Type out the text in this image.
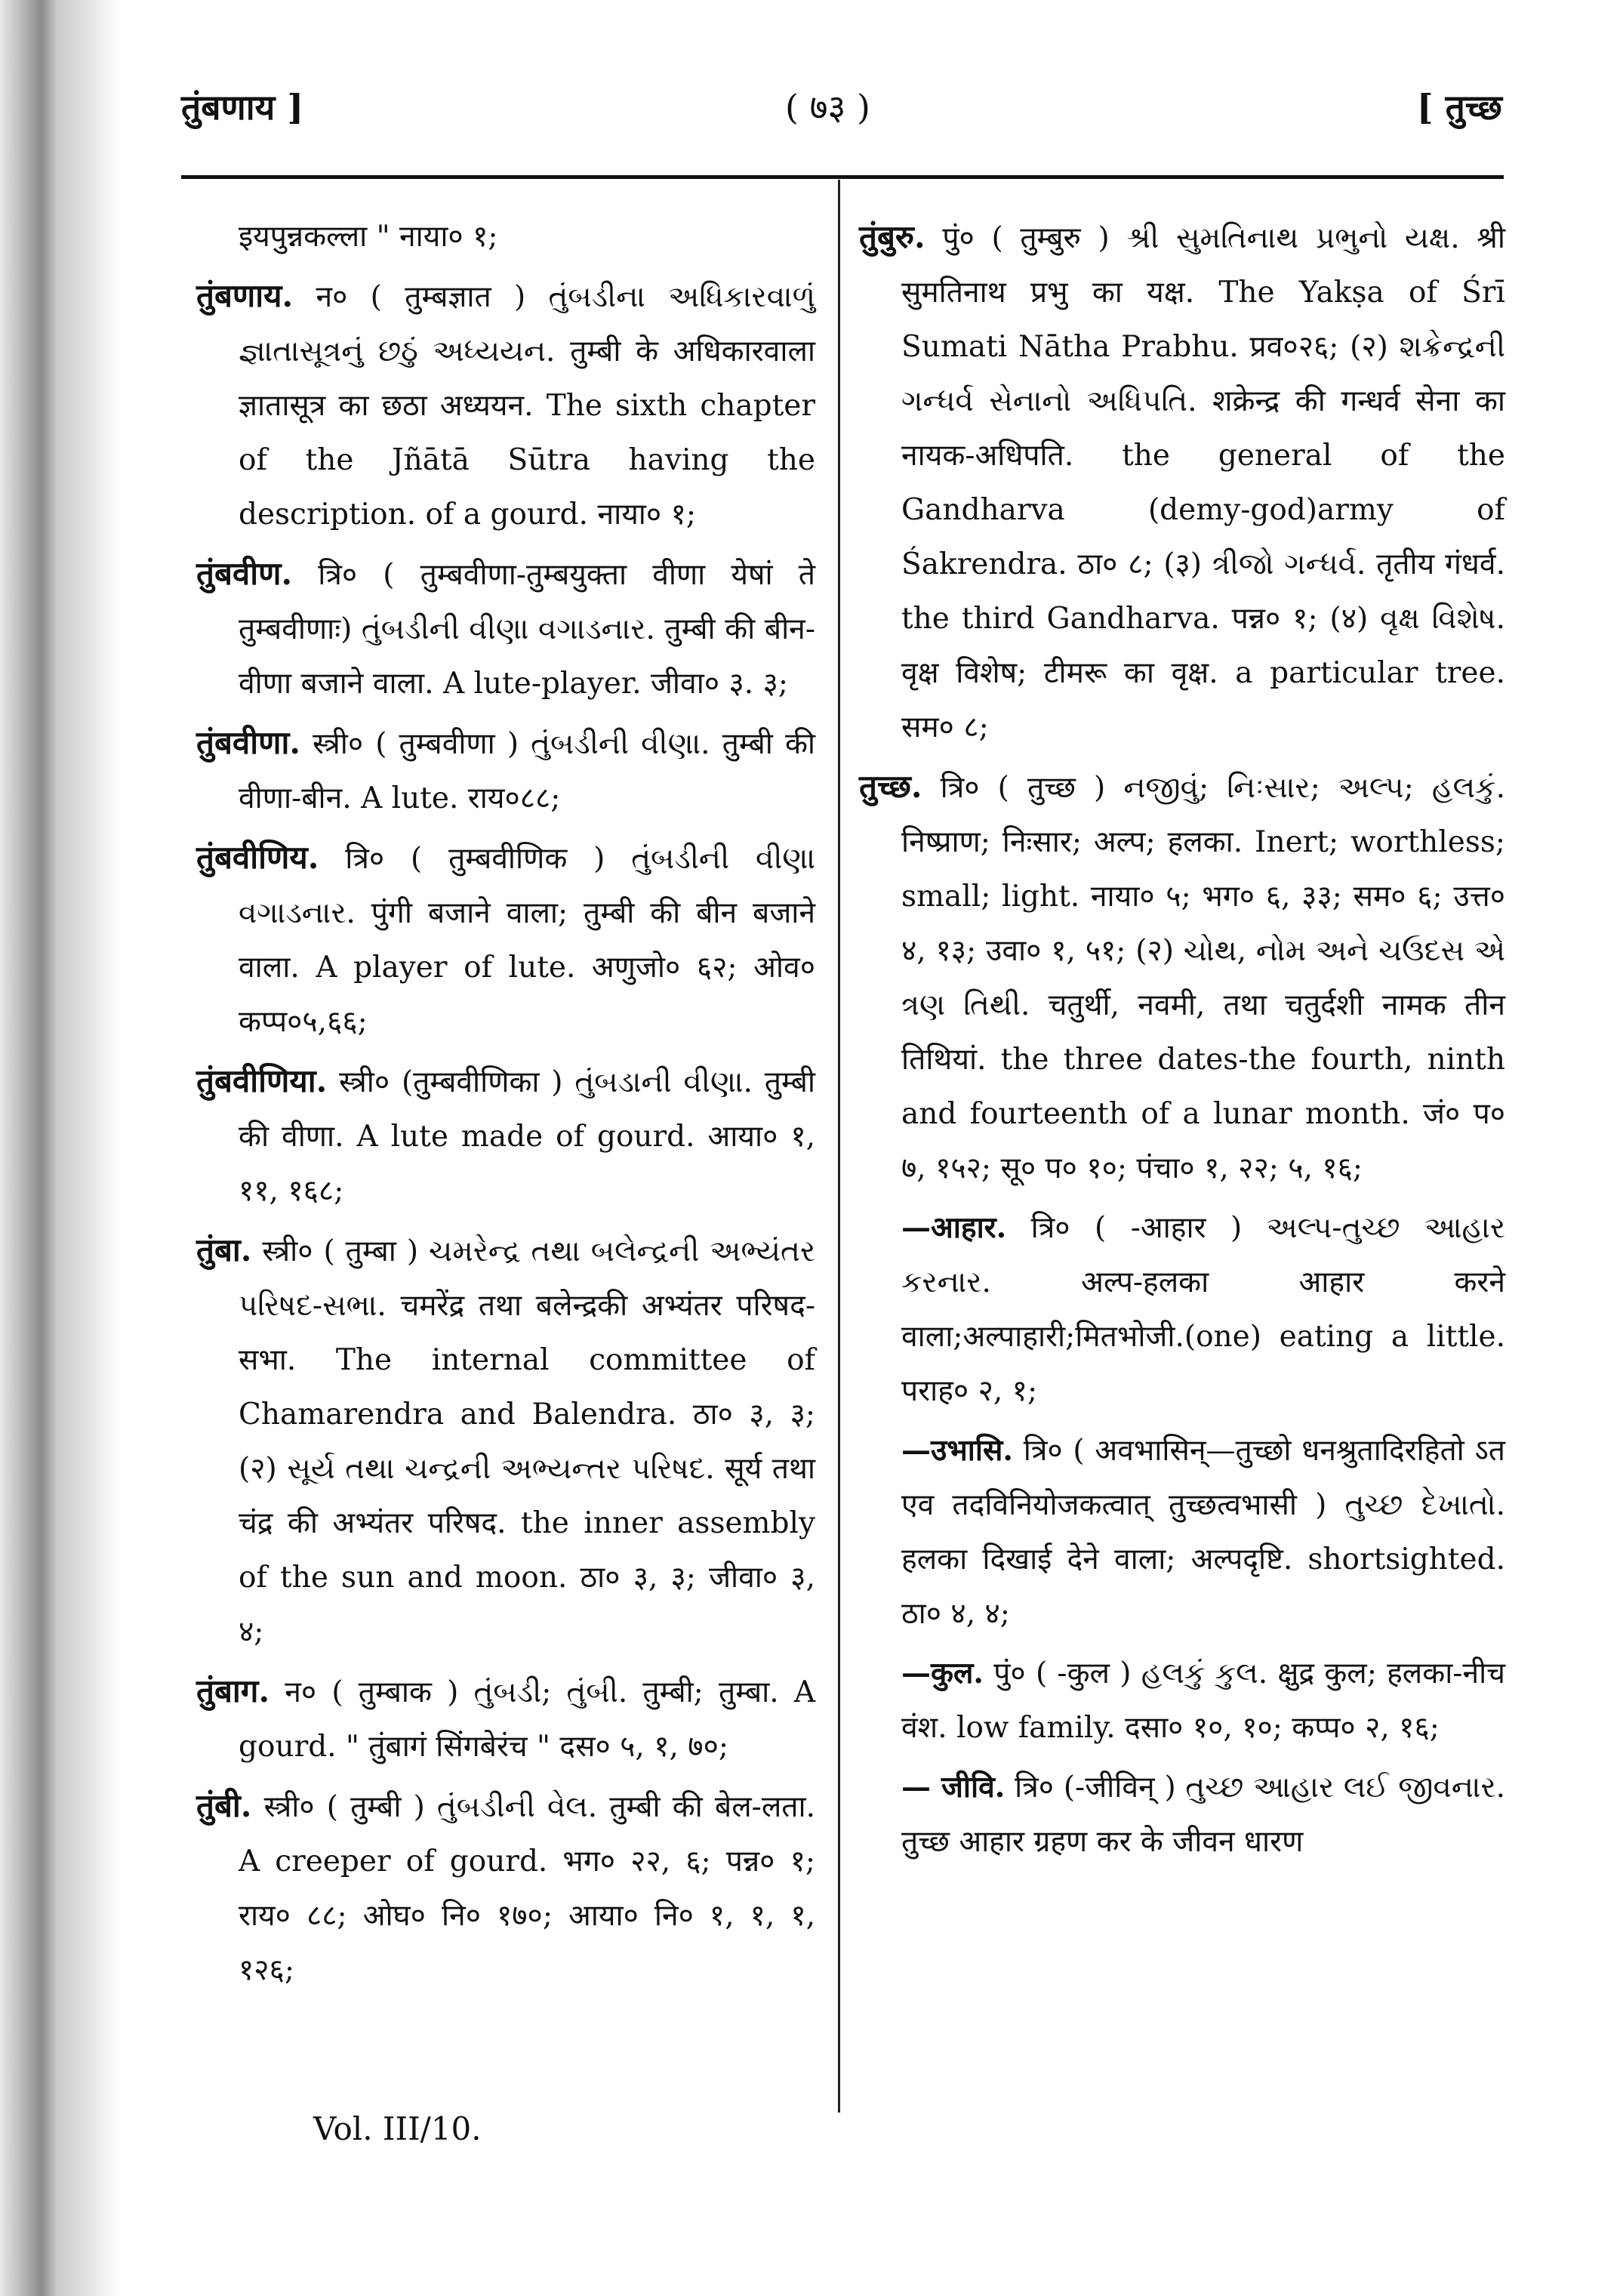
तुंबणाय ]	( ७३ )	[ तुच्छ

इयपुन्नकल्ला " नाया० १;

तुंबणाय. न० ( तुम्बज्ञात ) તુંબડીના અધિકારવાળું જ્ઞાતાસૂત્રનું છઠું અધ્યયન. तुम्बी के अधिकारवाला ज्ञातासूत्र का छठा अध्ययन. The sixth chapter of the Jñātā Sūtra having the description. of a gourd. नाया० १;

तुंबवीण. त्रि० ( तुम्बवीणा-तुम्बयुक्ता वीणा येषां ते तुम्बवीणाः) તુંબડીની વીણા વગાડનાર. तुम्बी की बीन-वीणा बजाने वाला. A lute-player. जीवा० ३. ३;

तुंबवीणा. स्त्री० ( तुम्बवीणा ) તુંબડીની વીણા. तुम्बी की वीणा-बीन. A lute. राय०८८;

तुंबवीणिय. त्रि० ( तुम्बवीणिक ) તુંબડીની વીણા વગાડનાર. पुंगी बजाने वाला; तुम्बी की बीन बजाने वाला. A player of lute. अणुजो० ६२; ओव० कप्प०५,६६;

तुंबवीणिया. स्त्री० (तुम्बवीणिका ) તુંબડાની વીણા. तुम्बी की वीणा. A lute made of gourd. आया० १, ११, १६८;

तुंबा. स्त्री० ( तुम्बा ) ચમરેન્દ્ર તથા બલેન્દ્રની અભ્યંતર પરિષદ-સભા. चमरेंद्र तथा बलेन्द्रकी अभ्यंतर परिषद-सभा. The internal committee of Chamarendra and Balendra. ठा० ३, ३; (२) સૂર્ય તથા ચન્દ્રની અભ્યન્તર પરિષદ. सूर्य तथा चंद्र की अभ्यंतर परिषद. the inner assembly of the sun and moon. ठा० ३, ३; जीवा० ३, ४;

तुंबाग. न० ( तुम्बाक ) તુંબડી; તુંબી. तुम्बी; तुम्बा. A gourd. " तुंबागं सिंगबेरंच " दस० ५, १, ७०;

तुंबी. स्त्री० ( तुम्बी ) તુંબડીની વેલ. तुम्बी की बेल-लता. A creeper of gourd. भग० २२, ६; पन्न० १; राय० ८८; ओघ० नि० १७०; आया० नि० १, १, १, १२६;

तुंबुरु. पुं० ( तुम्बुरु ) શ્રી સુમતિનાથ પ્રભુનો યક્ષ. श्री सुमतिनाथ प्रभु का यक्ष. The Yakṣa of Śrī Sumati Nātha Prabhu. प्रव०२६; (२) શક્રેન્દ્રની ગન્ધર્વ સેનાનો અધિપતિ. शक्रेन्द्र की गन्धर्व सेना का नायक-अधिपति. the general of the Gandharva (demy-god)army of Śakrendra. ठा० ८; (३) ત્રીજો ગન્ધર્વ. तृतीय गंधर्व. the third Gandharva. पन्न० १; (४) વૃક્ષ વિશેષ. वृक्ष विशेष; टीमरू का वृक्ष. a particular tree. सम० ८;

तुच्छ. त्रि० ( तुच्छ ) નજીવું; નિઃસાર; અલ્પ; હલકું. निष्प्राण; निःसार; अल्प; हलका. Inert; worthless; small; light. नाया० ५; भग० ६, ३३; सम० ६; उत्त० ४, १३; उवा० १, ५१; (२) ચોથ, નોમ અને ચઉદસ એ ત્રણ તિથી. चतुर्थी, नवमी, तथा चतुर्दशी नामक तीन तिथियां. the three dates-the fourth, ninth and fourteenth of a lunar month. जं० प० ७, १५२; सू० प० १०; पंचा० १, २२; ५, १६;

—आहार. त्रि० ( -आहार ) અલ્પ-તુચ્છ આહાર કરનાર. अल्प-हलका आहार करने वाला;अल्पाहारी;मितभोजी.(one) eating a little. पराह० २, १;

—उभासि. त्रि० ( अवभासिन्—तुच्छो धनश्रुतादिरहितो ऽत एव तदविनियोजकत्वात् तुच्छत्वभासी ) તુચ્છ દેખાતો. हलका दिखाई देने वाला; अल्पदृष्टि. shortsighted. ठा० ४, ४;

—कुल. पुं० ( -कुल ) હલકું કુલ. क्षुद्र कुल; हलका-नीच वंश. low family. दसा० १०, १०; कप्प० २, १६;

— जीवि. त्रि० (-जीविन् ) તુચ્છ આહાર લઈ જીવનાર. तुच्छ आहार ग्रहण कर के जीवन धारण

Vol. III/10.
